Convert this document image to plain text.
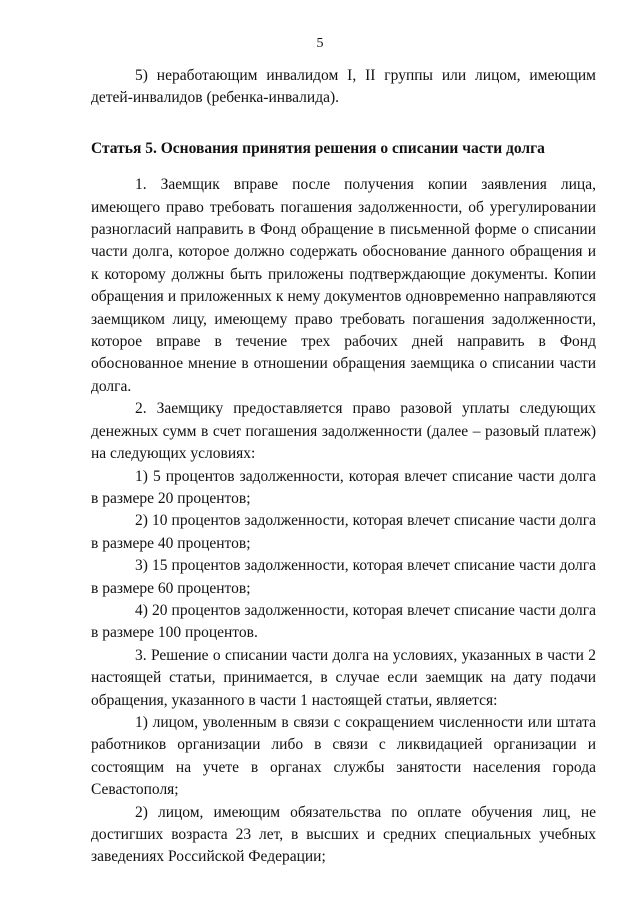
5

5) неработающим инвалидом I, II группы или лицом, имеющим детей-инвалидов (ребенка-инвалида).

Статья 5. Основания принятия решения о списании части долга

1. Заемщик вправе после получения копии заявления лица, имеющего право требовать погашения задолженности, об урегулировании разногласий направить в Фонд обращение в письменной форме о списании части долга, которое должно содержать обоснование данного обращения и к которому должны быть приложены подтверждающие документы. Копии обращения и приложенных к нему документов одновременно направляются заемщиком лицу, имеющему право требовать погашения задолженности, которое вправе в течение трех рабочих дней направить в Фонд обоснованное мнение в отношении обращения заемщика о списании части долга.

2. Заемщику предоставляется право разовой уплаты следующих денежных сумм в счет погашения задолженности (далее – разовый платеж) на следующих условиях:

1) 5 процентов задолженности, которая влечет списание части долга в размере 20 процентов;

2) 10 процентов задолженности, которая влечет списание части долга в размере 40 процентов;

3) 15 процентов задолженности, которая влечет списание части долга в размере 60 процентов;

4) 20 процентов задолженности, которая влечет списание части долга в размере 100 процентов.

3. Решение о списании части долга на условиях, указанных в части 2 настоящей статьи, принимается, в случае если заемщик на дату подачи обращения, указанного в части 1 настоящей статьи, является:

1) лицом, уволенным в связи с сокращением численности или штата работников организации либо в связи с ликвидацией организации и состоящим на учете в органах службы занятости населения города Севастополя;

2) лицом, имеющим обязательства по оплате обучения лиц, не достигших возраста 23 лет, в высших и средних специальных учебных заведениях Российской Федерации;
